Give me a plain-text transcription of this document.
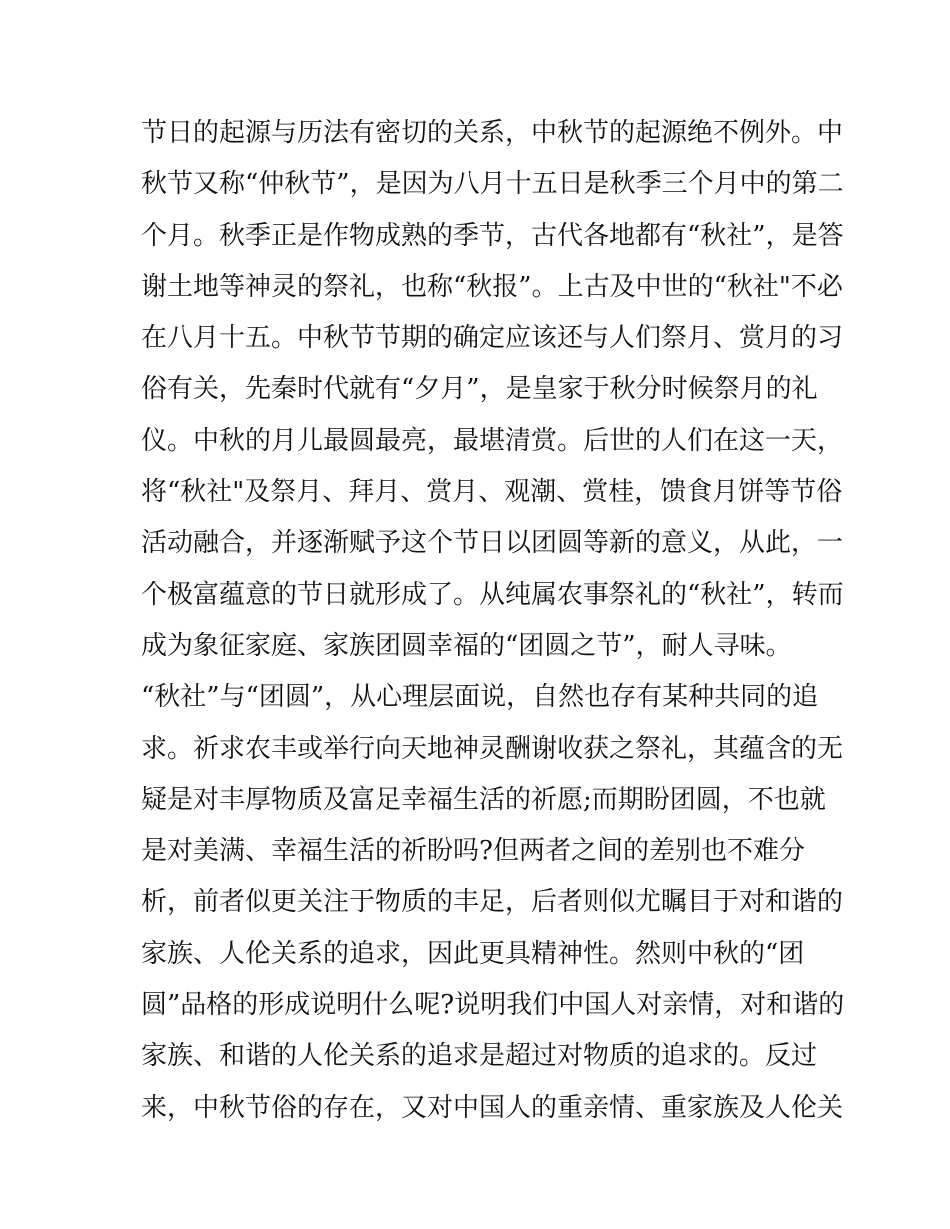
节日的起源与历法有密切的关系，中秋节的起源绝不例外。中
秋节又称“仲秋节”，是因为八月十五日是秋季三个月中的第二
个月。秋季正是作物成熟的季节，古代各地都有“秋社”，是答
谢土地等神灵的祭礼，也称“秋报”。上古及中世的“秋社"不必
在八月十五。中秋节节期的确定应该还与人们祭月、赏月的习
俗有关，先秦时代就有“夕月”，是皇家于秋分时候祭月的礼
仪。中秋的月儿最圆最亮，最堪清赏。后世的人们在这一天，
将“秋社"及祭月、拜月、赏月、观潮、赏桂，馈食月饼等节俗
活动融合，并逐渐赋予这个节日以团圆等新的意义，从此，一
个极富蕴意的节日就形成了。从纯属农事祭礼的“秋社”，转而
成为象征家庭、家族团圆幸福的“团圆之节”，耐人寻味。
“秋社”与“团圆”，从心理层面说，自然也存有某种共同的追
求。祈求农丰或举行向天地神灵酬谢收获之祭礼，其蕴含的无
疑是对丰厚物质及富足幸福生活的祈愿;而期盼团圆，不也就
是对美满、幸福生活的祈盼吗?但两者之间的差别也不难分
析，前者似更关注于物质的丰足，后者则似尤瞩目于对和谐的
家族、人伦关系的追求，因此更具精神性。然则中秋的“团
圆”品格的形成说明什么呢?说明我们中国人对亲情，对和谐的
家族、和谐的人伦关系的追求是超过对物质的追求的。反过
来，中秋节俗的存在，又对中国人的重亲情、重家族及人伦关
